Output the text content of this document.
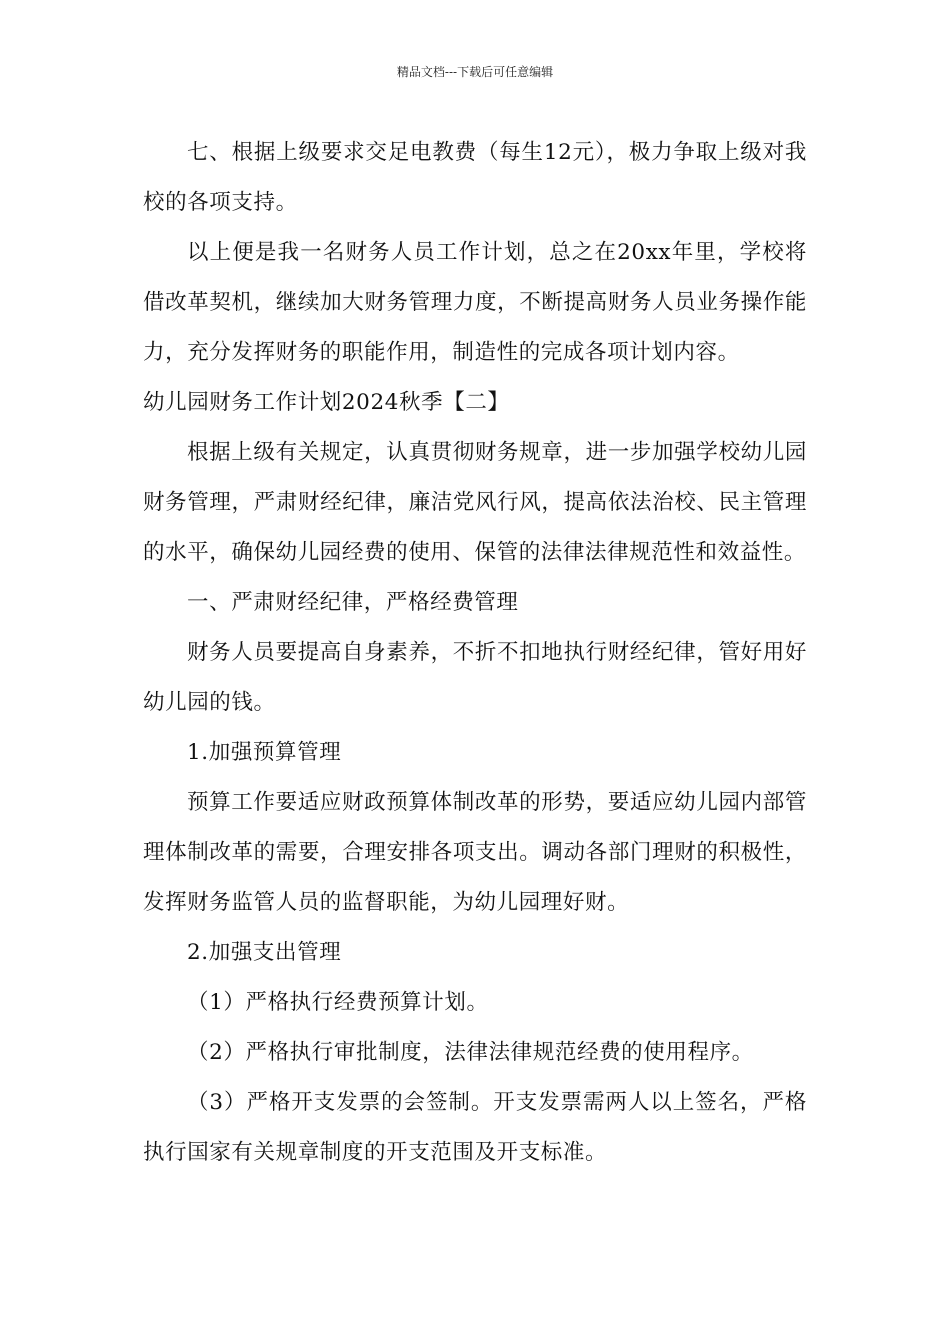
精品文档---下载后可任意编辑

七、根据上级要求交足电教费（每生12元），极力争取上级对我校的各项支持。

以上便是我一名财务人员工作计划，总之在20xx年里，学校将借改革契机，继续加大财务管理力度，不断提高财务人员业务操作能力，充分发挥财务的职能作用，制造性的完成各项计划内容。

幼儿园财务工作计划2024秋季【二】

根据上级有关规定，认真贯彻财务规章，进一步加强学校幼儿园财务管理，严肃财经纪律，廉洁党风行风，提高依法治校、民主管理的水平，确保幼儿园经费的使用、保管的法律法律规范性和效益性。

一、严肃财经纪律，严格经费管理

财务人员要提高自身素养，不折不扣地执行财经纪律，管好用好幼儿园的钱。

1.加强预算管理

预算工作要适应财政预算体制改革的形势，要适应幼儿园内部管理体制改革的需要，合理安排各项支出。调动各部门理财的积极性，发挥财务监管人员的监督职能，为幼儿园理好财。

2.加强支出管理

（1）严格执行经费预算计划。

（2）严格执行审批制度，法律法律规范经费的使用程序。

（3）严格开支发票的会签制。开支发票需两人以上签名，严格执行国家有关规章制度的开支范围及开支标准。
